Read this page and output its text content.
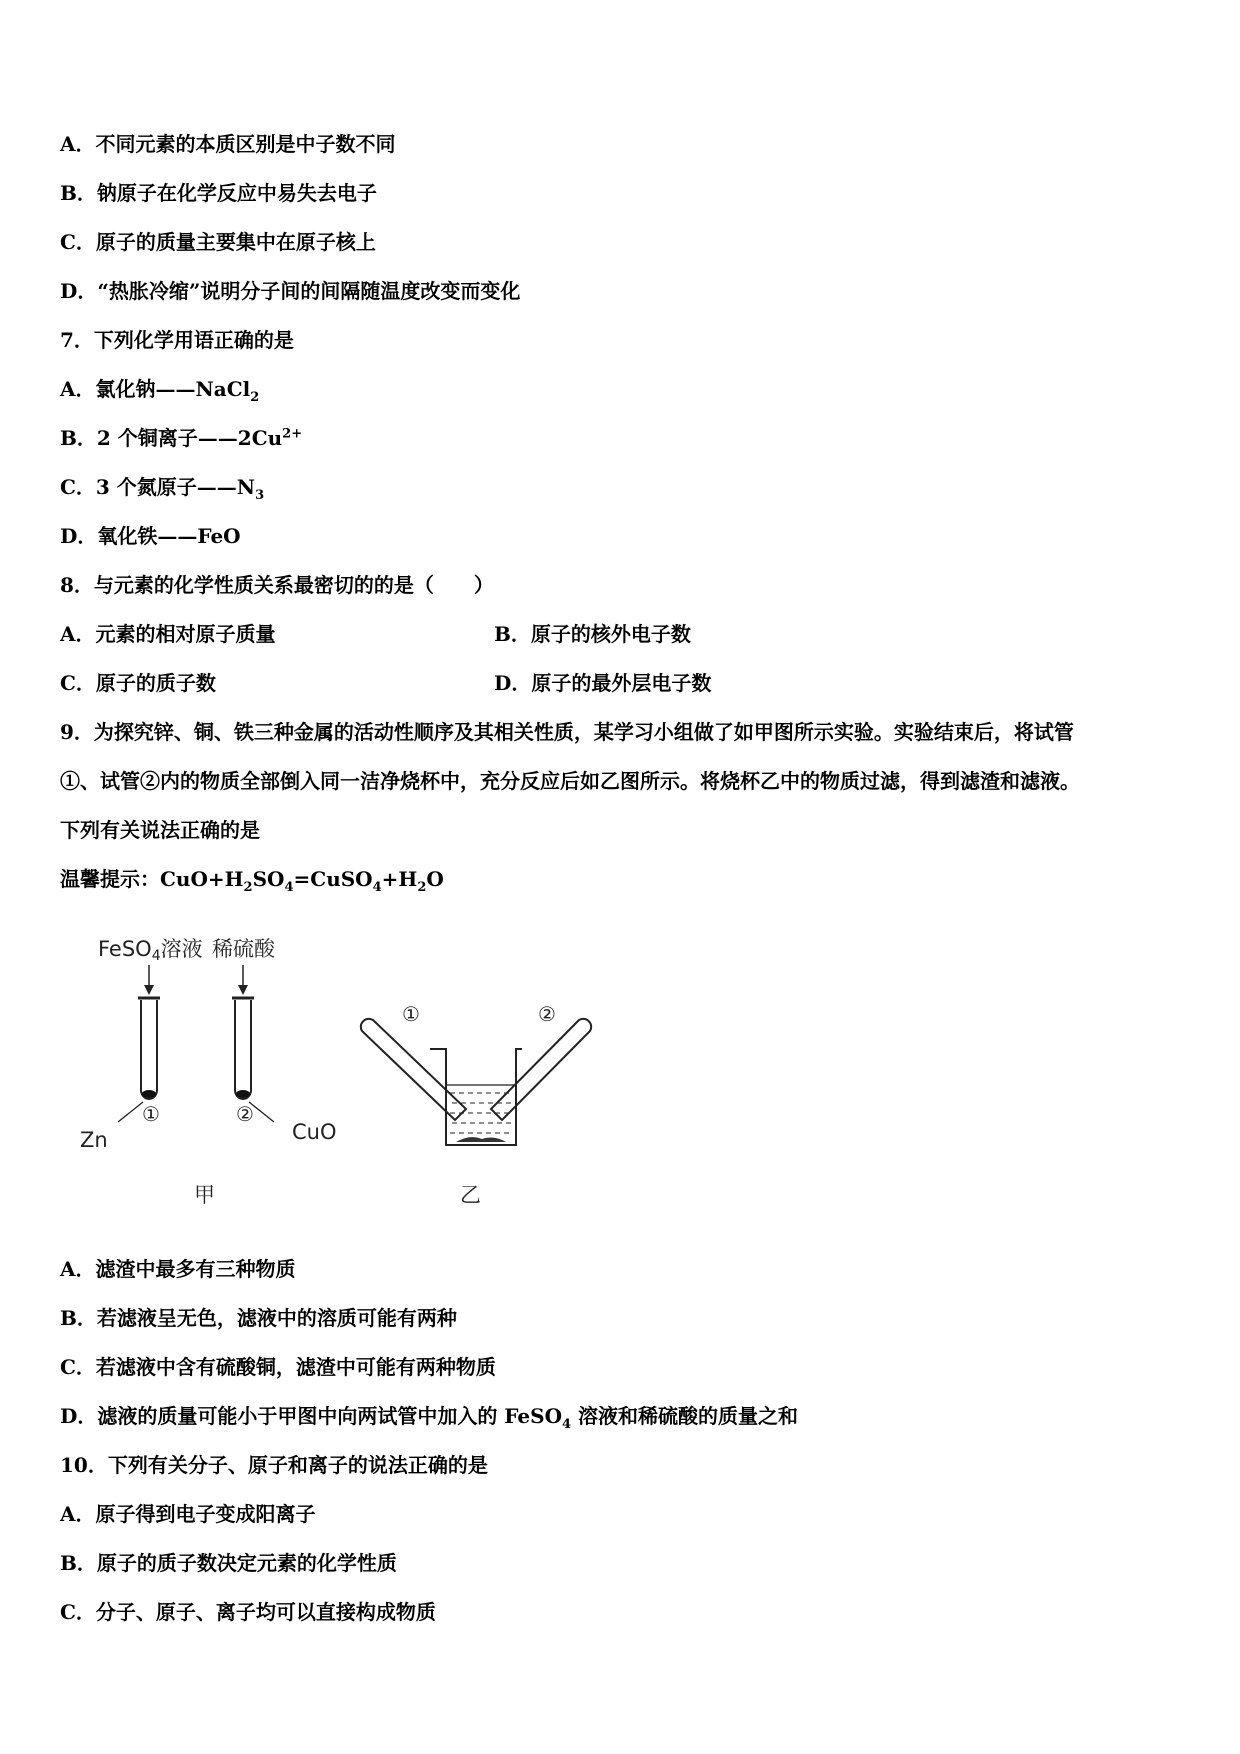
A．不同元素的本质区别是中子数不同
B．钠原子在化学反应中易失去电子
C．原子的质量主要集中在原子核上
D．“热胀冷缩”说明分子间的间隔随温度改变而变化
7．下列化学用语正确的是
A．氯化钠——NaCl$_2$
B．2 个铜离子$——2Cu^{2+}$
C．3 个氮原子$——N_3$
D．氧化铁——FeO
8．与元素的化学性质关系最密切的的是（　　）
A．元素的相对原子质量	B．原子的核外电子数
C．原子的质子数	D．原子的最外层电子数
9．为探究锌、铜、铁三种金属的活动性顺序及其相关性质，某学习小组做了如甲图所示实验。实验结束后，将试管
①、试管②内的物质全部倒入同一洁净烧杯中，充分反应后如乙图所示。将烧杯乙中的物质过滤，得到滤渣和滤液。
下列有关说法正确的是
温馨提示：$CuO+H_2SO_4=CuSO_4+H_2O$
FeSO4溶液 稀硫酸
①	②
Zn	CuO
甲
①	②
乙
A．滤渣中最多有三种物质
B．若滤液呈无色，滤液中的溶质可能有两种
C．若滤液中含有硫酸铜，滤渣中可能有两种物质
D．滤液的质量可能小于甲图中向两试管中加入的 FeSO$_4$ 溶液和稀硫酸的质量之和
10．下列有关分子、原子和离子的说法正确的是
A．原子得到电子变成阳离子
B．原子的质子数决定元素的化学性质
C．分子、原子、离子均可以直接构成物质
